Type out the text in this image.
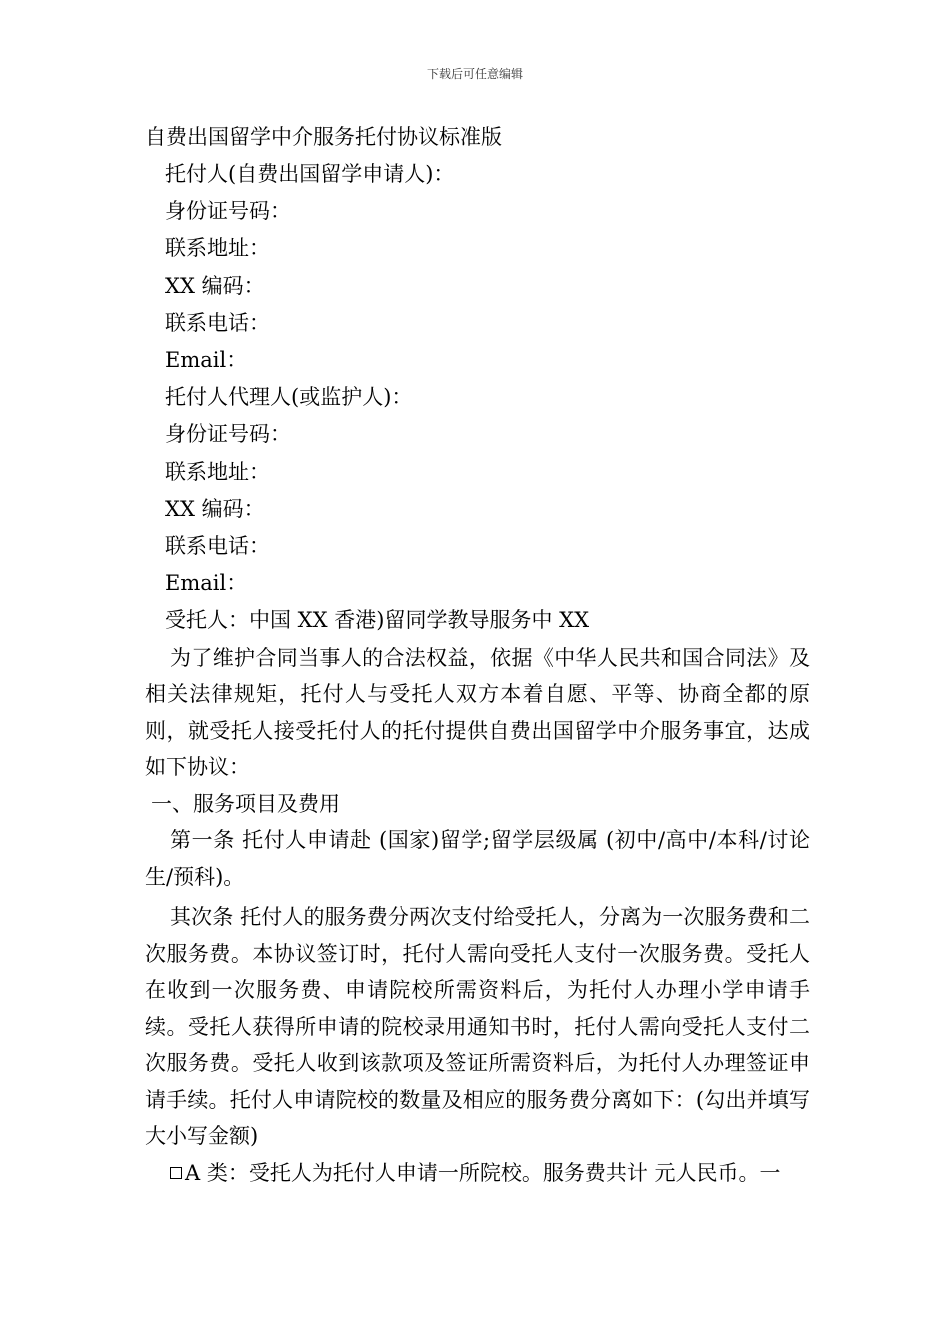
下载后可任意编辑
自费出国留学中介服务托付协议标准版
托付人(自费出国留学申请人)：
身份证号码：
联系地址：
XX 编码：
联系电话：
Email：
托付人代理人(或监护人)：
身份证号码：
联系地址：
XX 编码：
联系电话：
Email：
受托人：中国 XX 香港)留同学教导服务中 XX

为了维护合同当事人的合法权益，依据《中华人民共和国合同法》及相关法律规矩，托付人与受托人双方本着自愿、平等、协商全都的原则，就受托人接受托付人的托付提供自费出国留学中介服务事宜，达成如下协议：

一、服务项目及费用

第一条 托付人申请赴 (国家)留学;留学层级属 (初中/高中/本科/讨论生/预科)。

其次条 托付人的服务费分两次支付给受托人，分离为一次服务费和二次服务费。本协议签订时，托付人需向受托人支付一次服务费。受托人在收到一次服务费、申请院校所需资料后，为托付人办理小学申请手续。受托人获得所申请的院校录用通知书时，托付人需向受托人支付二次服务费。受托人收到该款项及签证所需资料后，为托付人办理签证申请手续。托付人申请院校的数量及相应的服务费分离如下：(勾出并填写大小写金额)

A 类：受托人为托付人申请一所院校。服务费共计 元人民币。一
